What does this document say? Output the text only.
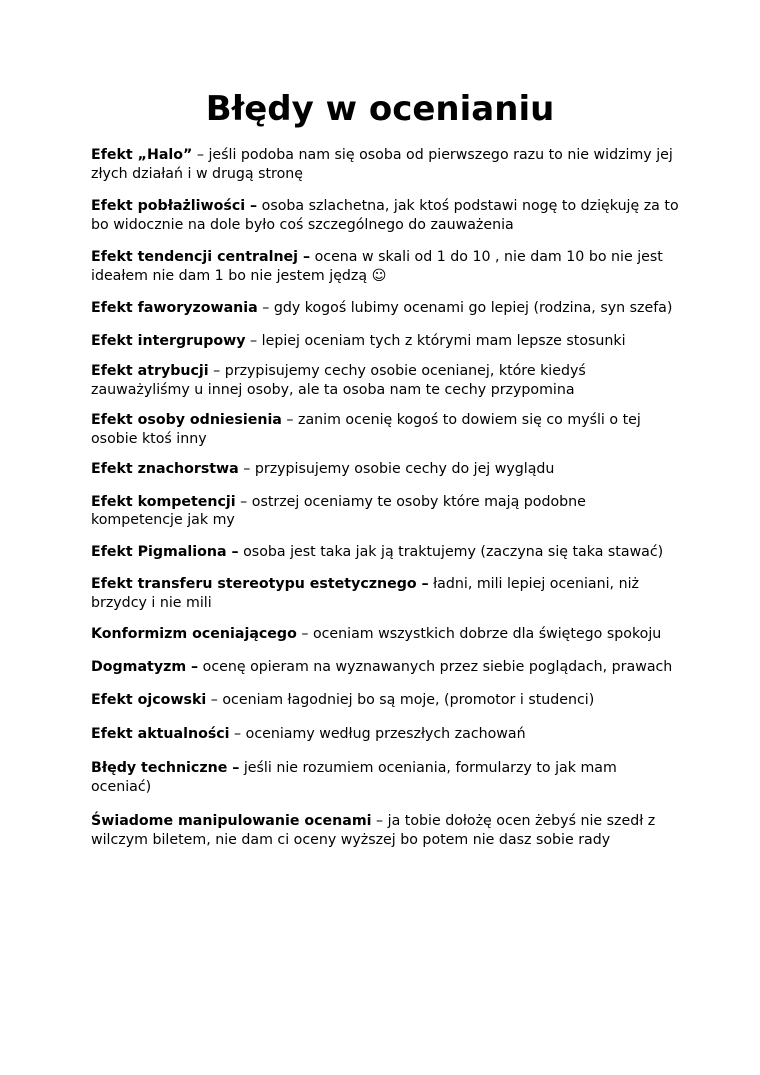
Błędy w ocenianiu

Efekt „Halo” – jeśli podoba nam się osoba od pierwszego razu to nie widzimy jej złych działań i w drugą stronę

Efekt pobłażliwości – osoba szlachetna, jak ktoś podstawi nogę to dziękuję za to bo widocznie na dole było coś szczególnego do zauważenia

Efekt tendencji centralnej – ocena w skali od 1 do 10 , nie dam 10 bo nie jest ideałem nie dam 1 bo nie jestem jędzą ☺

Efekt faworyzowania – gdy kogoś lubimy ocenami go lepiej (rodzina, syn szefa)

Efekt intergrupowy – lepiej oceniam tych z którymi mam lepsze stosunki

Efekt atrybucji – przypisujemy cechy osobie ocenianej, które kiedyś zauważyliśmy u innej osoby, ale ta osoba nam te cechy przypomina

Efekt osoby odniesienia – zanim ocenię kogoś to dowiem się co myśli o tej osobie ktoś inny

Efekt znachorstwa – przypisujemy osobie cechy do jej wyglądu

Efekt kompetencji – ostrzej oceniamy te osoby które mają podobne kompetencje jak my

Efekt Pigmaliona – osoba jest taka jak ją traktujemy (zaczyna się taka stawać)

Efekt transferu stereotypu estetycznego – ładni, mili lepiej oceniani, niż brzydcy i nie mili

Konformizm oceniającego – oceniam wszystkich dobrze dla świętego spokoju

Dogmatyzm – ocenę opieram na wyznawanych przez siebie poglądach, prawach

Efekt ojcowski – oceniam łagodniej bo są moje, (promotor i studenci)

Efekt aktualności – oceniamy według przeszłych zachowań

Błędy techniczne – jeśli nie rozumiem oceniania, formularzy to jak mam oceniać)

Świadome manipulowanie ocenami – ja tobie dołożę ocen żebyś nie szedł z wilczym biletem, nie dam ci oceny wyższej bo potem nie dasz sobie rady
